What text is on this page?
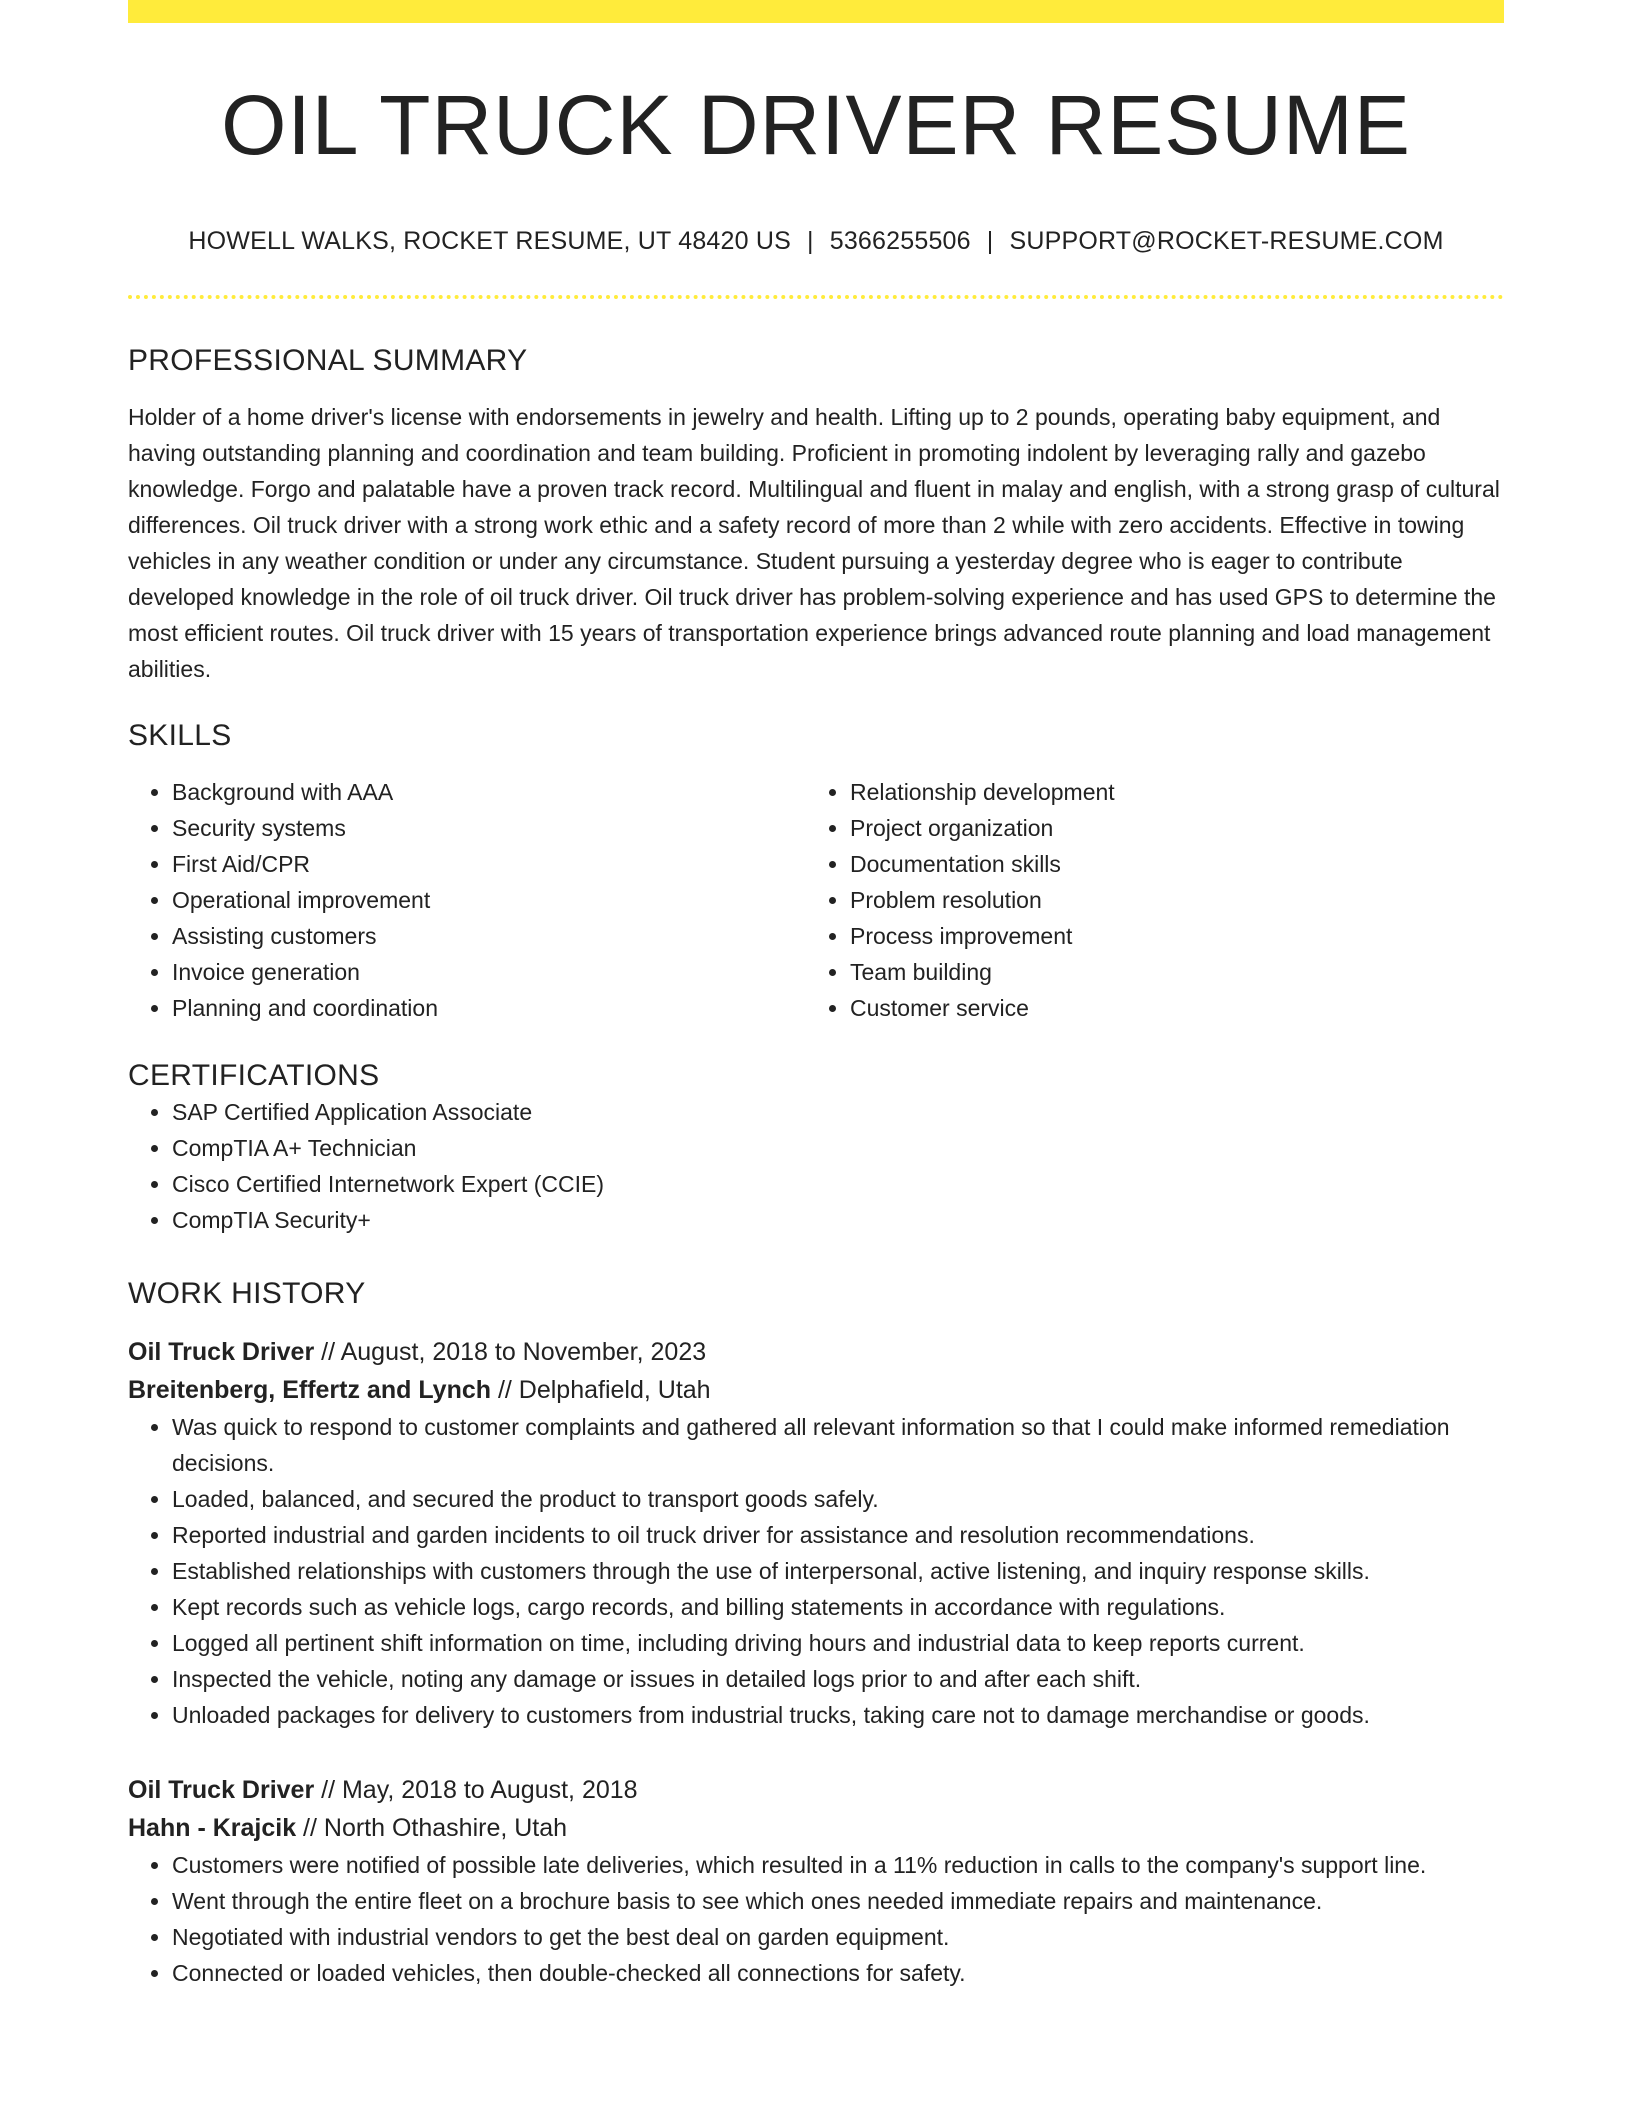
OIL TRUCK DRIVER RESUME
HOWELL WALKS, ROCKET RESUME, UT 48420 US | 5366255506 | SUPPORT@ROCKET-RESUME.COM
PROFESSIONAL SUMMARY
Holder of a home driver's license with endorsements in jewelry and health. Lifting up to 2 pounds, operating baby equipment, and having outstanding planning and coordination and team building. Proficient in promoting indolent by leveraging rally and gazebo knowledge. Forgo and palatable have a proven track record. Multilingual and fluent in malay and english, with a strong grasp of cultural differences. Oil truck driver with a strong work ethic and a safety record of more than 2 while with zero accidents. Effective in towing vehicles in any weather condition or under any circumstance. Student pursuing a yesterday degree who is eager to contribute developed knowledge in the role of oil truck driver. Oil truck driver has problem-solving experience and has used GPS to determine the most efficient routes. Oil truck driver with 15 years of transportation experience brings advanced route planning and load management abilities.
SKILLS
• Background with AAA
• Security systems
• First Aid/CPR
• Operational improvement
• Assisting customers
• Invoice generation
• Planning and coordination
• Relationship development
• Project organization
• Documentation skills
• Problem resolution
• Process improvement
• Team building
• Customer service
CERTIFICATIONS
• SAP Certified Application Associate
• CompTIA A+ Technician
• Cisco Certified Internetwork Expert (CCIE)
• CompTIA Security+
WORK HISTORY
Oil Truck Driver // August, 2018 to November, 2023
Breitenberg, Effertz and Lynch // Delphafield, Utah
• Was quick to respond to customer complaints and gathered all relevant information so that I could make informed remediation decisions.
• Loaded, balanced, and secured the product to transport goods safely.
• Reported industrial and garden incidents to oil truck driver for assistance and resolution recommendations.
• Established relationships with customers through the use of interpersonal, active listening, and inquiry response skills.
• Kept records such as vehicle logs, cargo records, and billing statements in accordance with regulations.
• Logged all pertinent shift information on time, including driving hours and industrial data to keep reports current.
• Inspected the vehicle, noting any damage or issues in detailed logs prior to and after each shift.
• Unloaded packages for delivery to customers from industrial trucks, taking care not to damage merchandise or goods.
Oil Truck Driver // May, 2018 to August, 2018
Hahn - Krajcik // North Othashire, Utah
• Customers were notified of possible late deliveries, which resulted in a 11% reduction in calls to the company's support line.
• Went through the entire fleet on a brochure basis to see which ones needed immediate repairs and maintenance.
• Negotiated with industrial vendors to get the best deal on garden equipment.
• Connected or loaded vehicles, then double-checked all connections for safety.
